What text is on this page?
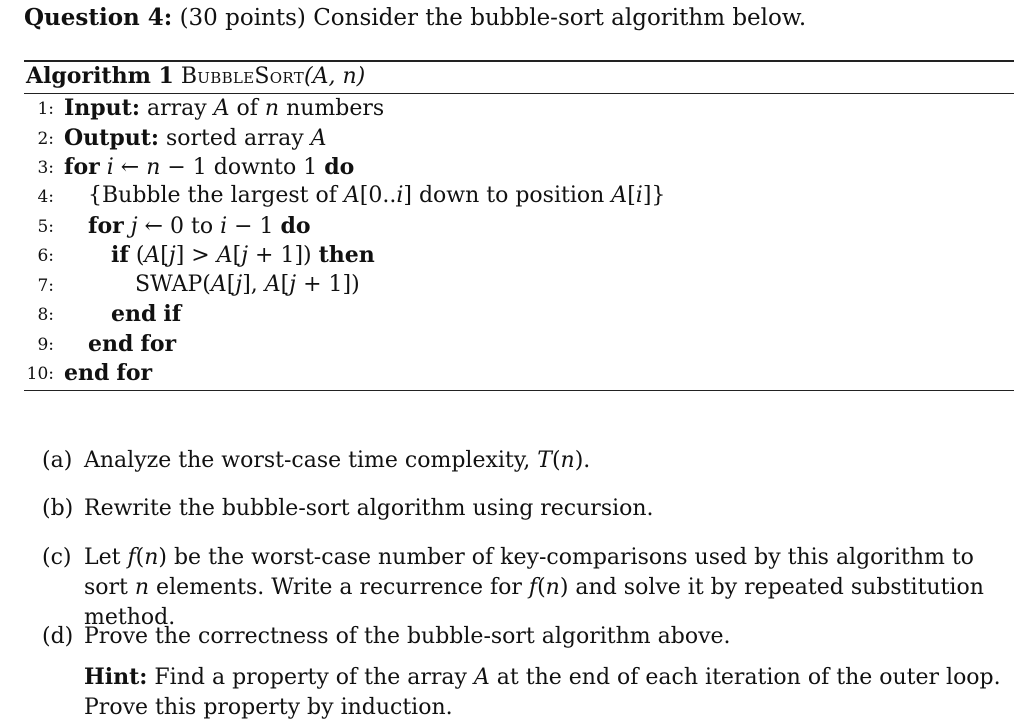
Question 4: (30 points) Consider the bubble-sort algorithm below.
Algorithm 1 BubbleSort(A, n)
1: Input: array A of n numbers
2: Output: sorted array A
3: for i ← n − 1 downto 1 do
4: {Bubble the largest of A[0..i] down to position A[i]}
5: for j ← 0 to i − 1 do
6:	if (A[j] > A[j + 1]) then
7:	SWAP(A[j], A[j + 1])
8:	end if
9: end for
10: end for
(a) Analyze the worst-case time complexity, T(n).
(b) Rewrite the bubble-sort algorithm using recursion.
(c) Let f(n) be the worst-case number of key-comparisons used by this algorithm to sort n elements. Write a recurrence for f(n) and solve it by repeated substitution method.
(d) Prove the correctness of the bubble-sort algorithm above.
Hint: Find a property of the array A at the end of each iteration of the outer loop. Prove this property by induction.
